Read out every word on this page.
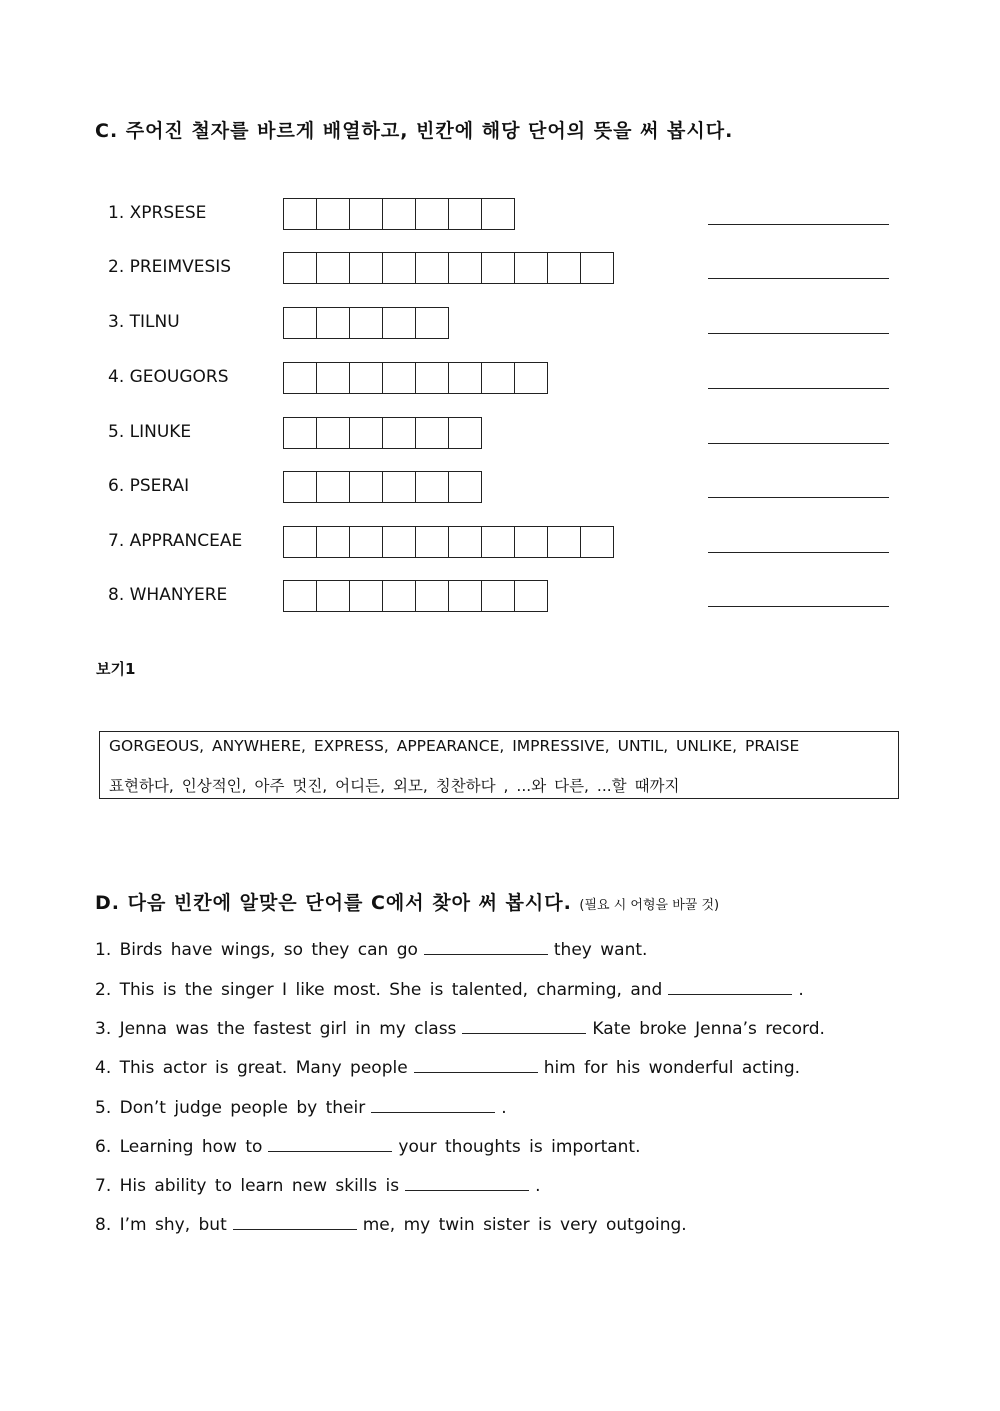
C. 주어진 철자를 바르게 배열하고, 빈칸에 해당 단어의 뜻을 써 봅시다.
1. XPRSESE
2. PREIMVESIS
3. TILNU
4. GEOUGORS
5. LINUKE
6. PSERAI
7. APPRANCEAE
8. WHANYERE
보기1
GORGEOUS, ANYWHERE, EXPRESS, APPEARANCE, IMPRESSIVE, UNTIL, UNLIKE, PRAISE
표현하다, 인상적인, 아주 멋진, 어디든, 외모, 칭찬하다 , ...와 다른, ...할 때까지
D. 다음 빈칸에 알맞은 단어를 C에서 찾아 써 봅시다. (필요 시 어형을 바꿀 것)
1. Birds have wings, so they can go	they want.
2. This is the singer I like most. She is talented, charming, and	.
3. Jenna was the fastest girl in my class	Kate broke Jenna’s record.
4. This actor is great. Many people	him for his wonderful acting.
5. Don’t judge people by their	.
6. Learning how to	your thoughts is important.
7. His ability to learn new skills is	.
8. I’m shy, but	me, my twin sister is very outgoing.
